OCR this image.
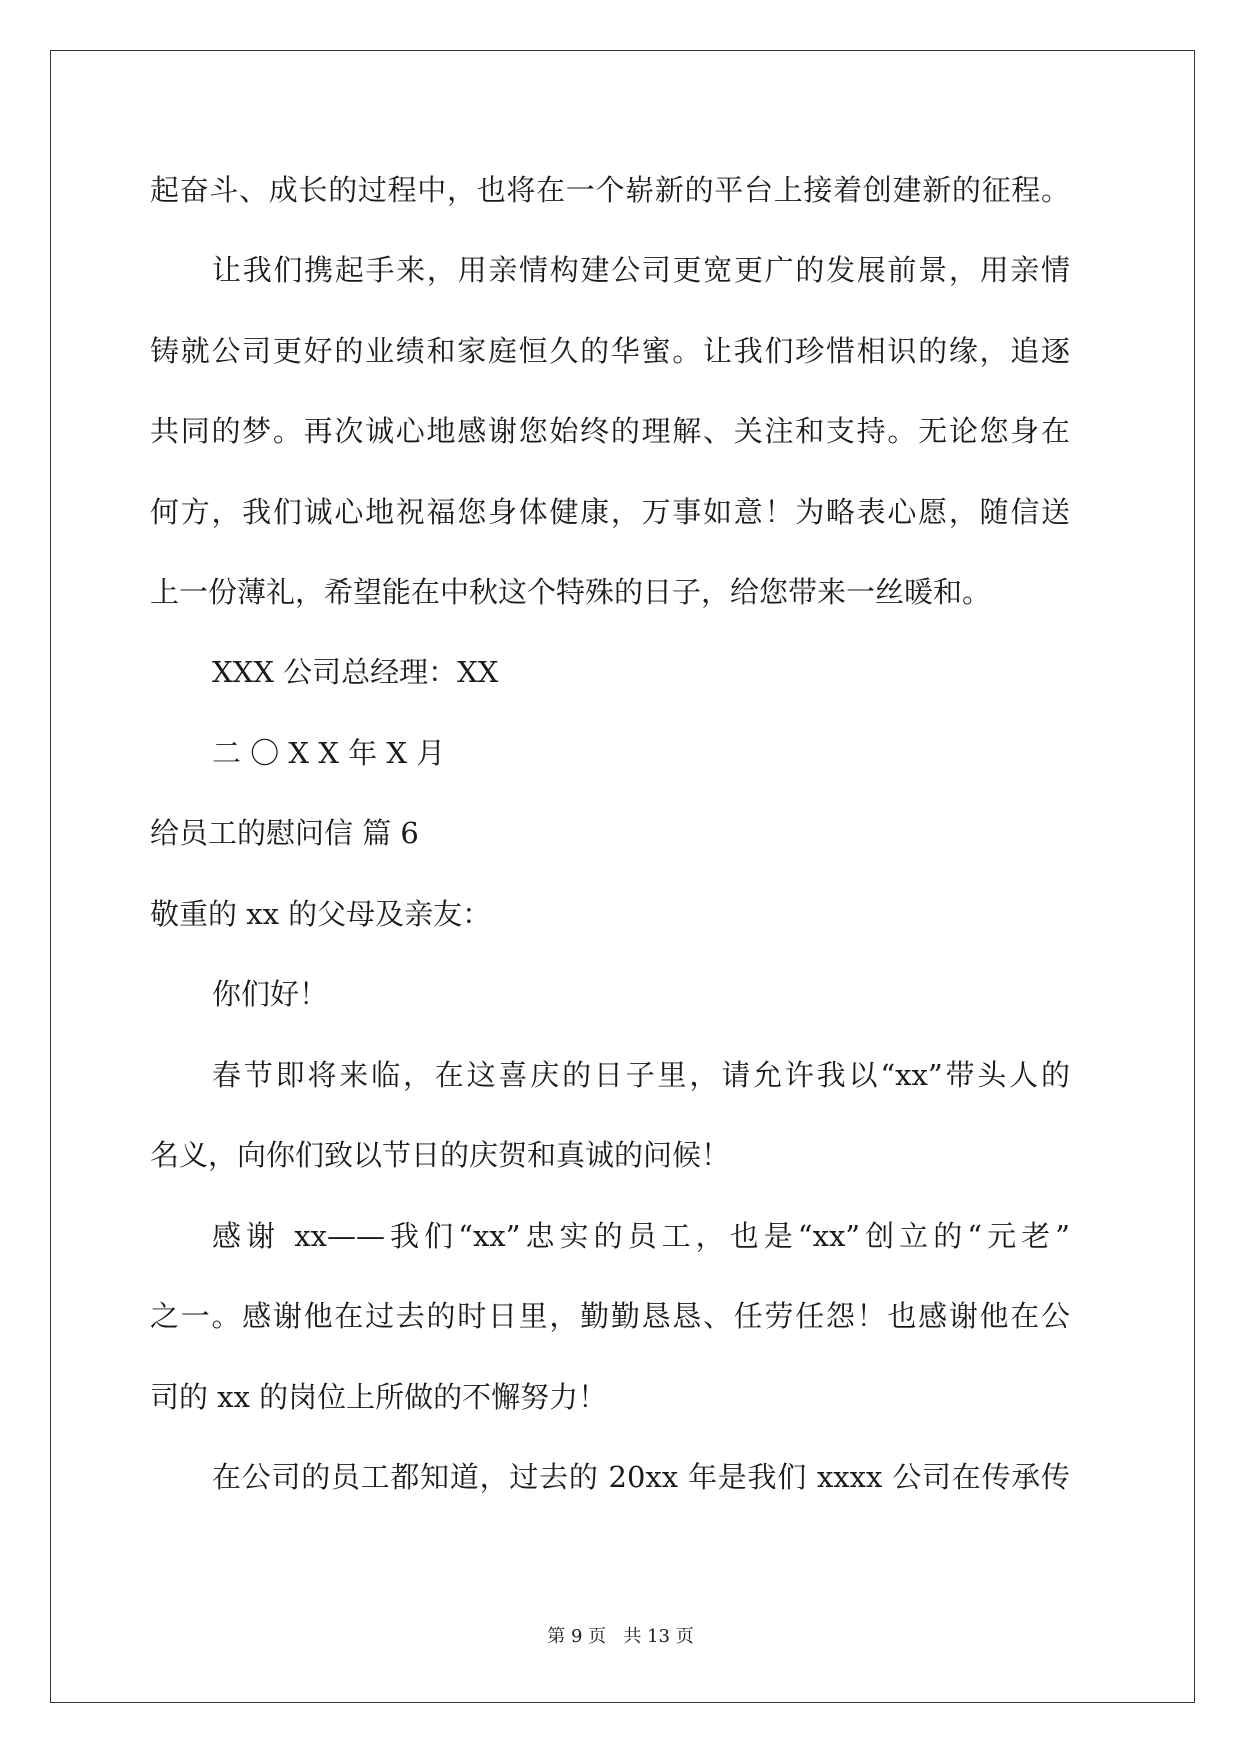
起奋斗、成长的过程中，也将在一个崭新的平台上接着创建新的征程。

让我们携起手来，用亲情构建公司更宽更广的发展前景，用亲情

铸就公司更好的业绩和家庭恒久的华蜜。让我们珍惜相识的缘，追逐

共同的梦。再次诚心地感谢您始终的理解、关注和支持。无论您身在

何方，我们诚心地祝福您身体健康，万事如意！为略表心愿，随信送

上一份薄礼，希望能在中秋这个特殊的日子，给您带来一丝暖和。

XXX 公司总经理：XX

二 〇 X X 年 X 月

给员工的慰问信 篇 6

敬重的 xx 的父母及亲友：

你们好！

春节即将来临，在这喜庆的日子里，请允许我以“xx”带头人的

名义，向你们致以节日的庆贺和真诚的问候！

感谢 xx——我们“xx”忠实的员工，也是“xx”创立的“元老”

之一。感谢他在过去的时日里，勤勤恳恳、任劳任怨！也感谢他在公

司的 xx 的岗位上所做的不懈努力！

在公司的员工都知道，过去的 20xx 年是我们 xxxx 公司在传承传

第 9 页   共 13 页
